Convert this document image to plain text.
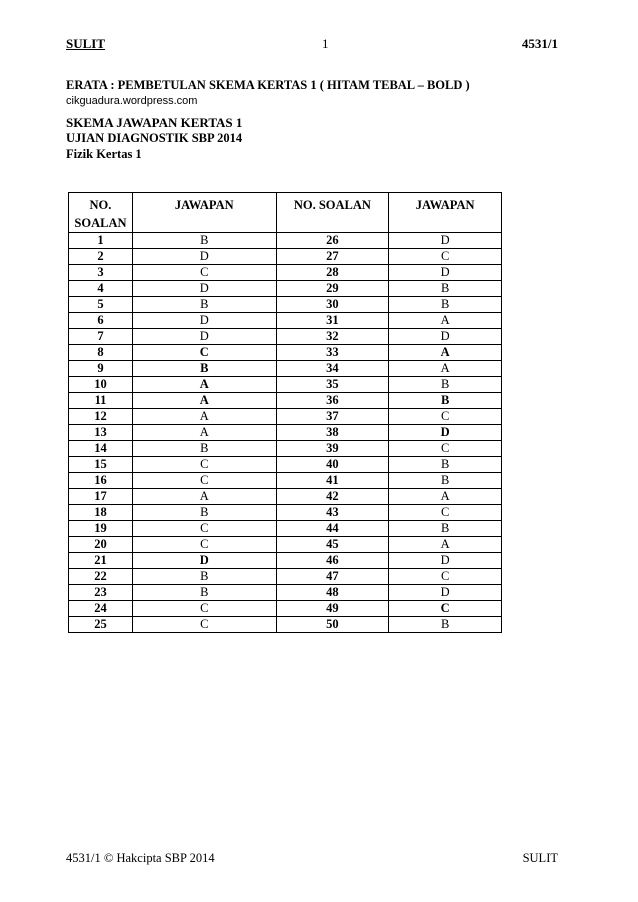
SULIT	1	4531/1
ERATA : PEMBETULAN SKEMA KERTAS 1 ( HITAM TEBAL – BOLD )
cikguadura.wordpress.com
SKEMA JAWAPAN KERTAS 1
UJIAN DIAGNOSTIK SBP 2014
Fizik Kertas 1
NO. SOALAN	JAWAPAN	NO. SOALAN	JAWAPAN
1	B	26	D
2	D	27	C
3	C	28	D
4	D	29	B
5	B	30	B
6	D	31	A
7	D	32	D
8	C	33	A
9	B	34	A
10	A	35	B
11	A	36	B
12	A	37	C
13	A	38	D
14	B	39	C
15	C	40	B
16	C	41	B
17	A	42	A
18	B	43	C
19	C	44	B
20	C	45	A
21	D	46	D
22	B	47	C
23	B	48	D
24	C	49	C
25	C	50	B
4531/1 © Hakcipta SBP 2014	SULIT
